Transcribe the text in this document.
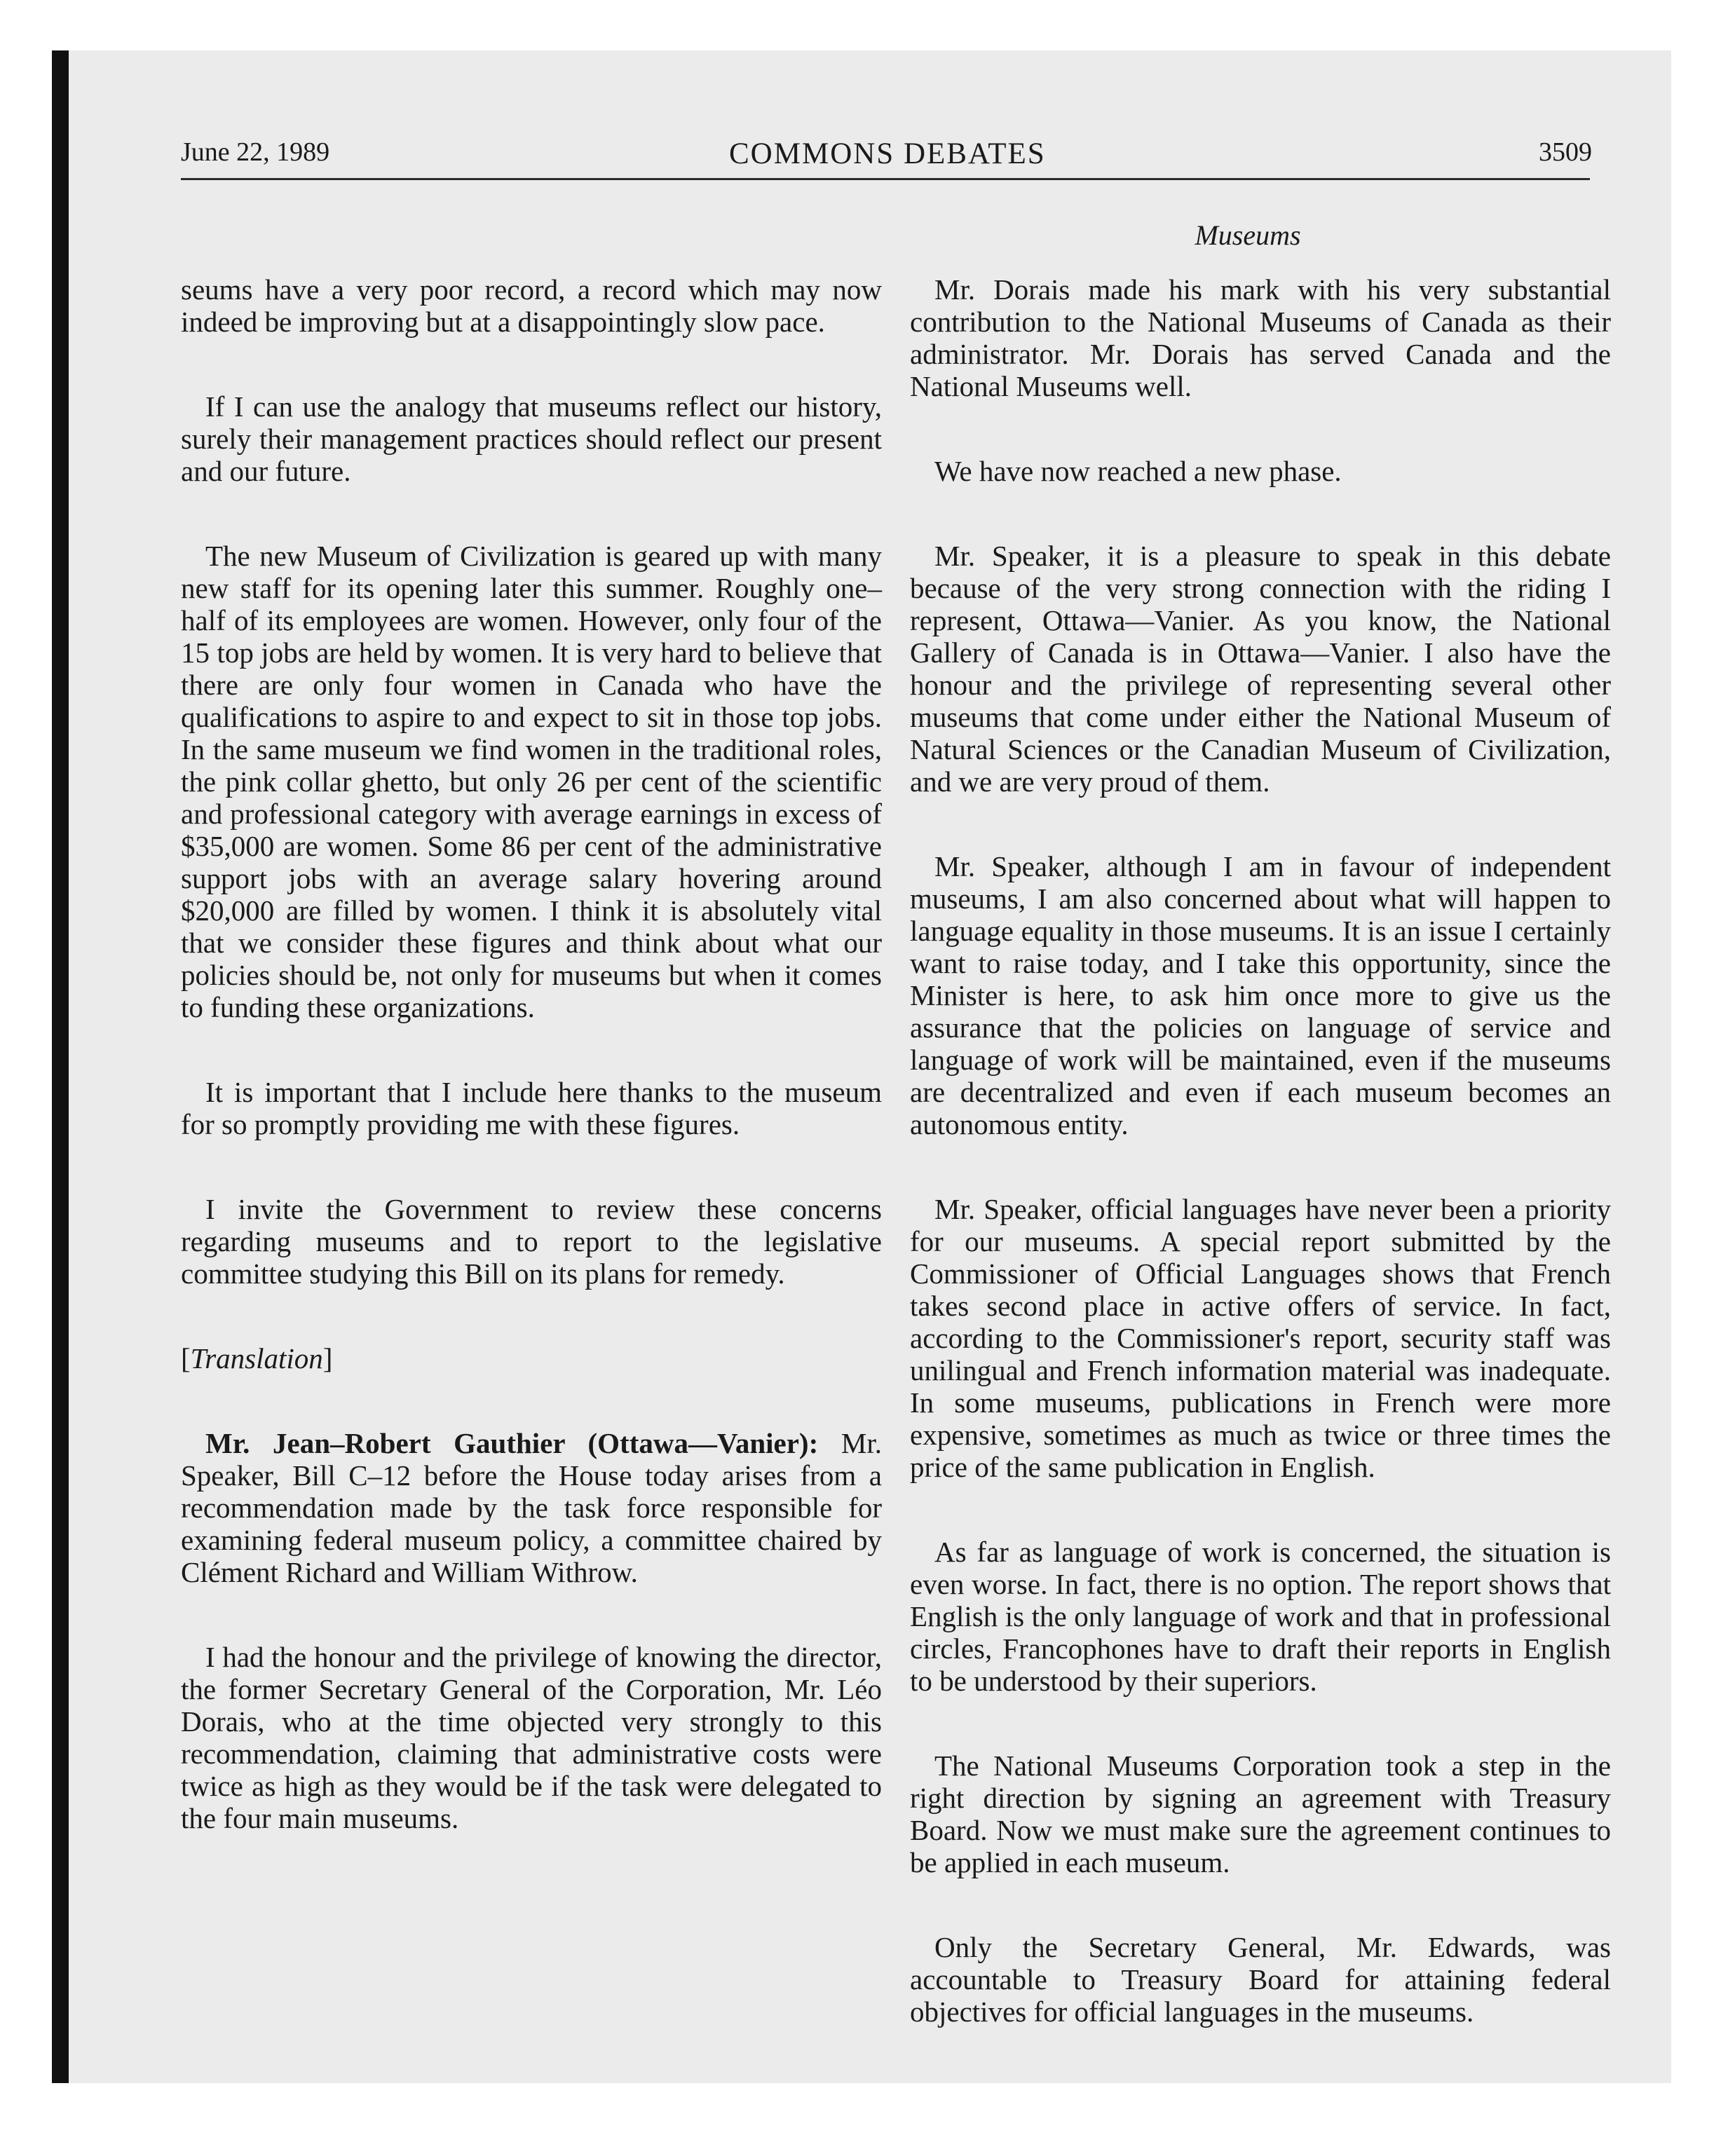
June 22, 1989	COMMONS DEBATES	3509
Museums

seums have a very poor record, a record which may now indeed be improving but at a disappointingly slow pace.

If I can use the analogy that museums reflect our history, surely their management practices should reflect our present and our future.

The new Museum of Civilization is geared up with many new staff for its opening later this summer. Roughly one–half of its employees are women. However, only four of the 15 top jobs are held by women. It is very hard to believe that there are only four women in Canada who have the qualifications to aspire to and expect to sit in those top jobs. In the same museum we find women in the traditional roles, the pink collar ghetto, but only 26 per cent of the scientific and professional category with average earnings in excess of $35,000 are women. Some 86 per cent of the administrative support jobs with an average salary hovering around $20,000 are filled by women. I think it is absolutely vital that we consider these figures and think about what our policies should be, not only for museums but when it comes to funding these organizations.

It is important that I include here thanks to the museum for so promptly providing me with these figures.

I invite the Government to review these concerns regarding museums and to report to the legislative committee studying this Bill on its plans for remedy.

[Translation]

Mr. Jean–Robert Gauthier (Ottawa—Vanier): Mr. Speaker, Bill C–12 before the House today arises from a recommendation made by the task force responsible for examining federal museum policy, a committee chaired by Clément Richard and William Withrow.

I had the honour and the privilege of knowing the director, the former Secretary General of the Corporation, Mr. Léo Dorais, who at the time objected very strongly to this recommendation, claiming that administrative costs were twice as high as they would be if the task were delegated to the four main museums.

Mr. Dorais made his mark with his very substantial contribution to the National Museums of Canada as their administrator. Mr. Dorais has served Canada and the National Museums well.

We have now reached a new phase.

Mr. Speaker, it is a pleasure to speak in this debate because of the very strong connection with the riding I represent, Ottawa—Vanier. As you know, the National Gallery of Canada is in Ottawa—Vanier. I also have the honour and the privilege of representing several other museums that come under either the National Museum of Natural Sciences or the Canadian Museum of Civilization, and we are very proud of them.

Mr. Speaker, although I am in favour of independent museums, I am also concerned about what will happen to language equality in those museums. It is an issue I certainly want to raise today, and I take this opportunity, since the Minister is here, to ask him once more to give us the assurance that the policies on language of service and language of work will be maintained, even if the museums are decentralized and even if each museum becomes an autonomous entity.

Mr. Speaker, official languages have never been a priority for our museums. A special report submitted by the Commissioner of Official Languages shows that French takes second place in active offers of service. In fact, according to the Commissioner's report, security staff was unilingual and French information material was inadequate. In some museums, publications in French were more expensive, sometimes as much as twice or three times the price of the same publication in English.

As far as language of work is concerned, the situation is even worse. In fact, there is no option. The report shows that English is the only language of work and that in professional circles, Francophones have to draft their reports in English to be understood by their superiors.

The National Museums Corporation took a step in the right direction by signing an agreement with Treasury Board. Now we must make sure the agreement continues to be applied in each museum.

Only the Secretary General, Mr. Edwards, was accountable to Treasury Board for attaining federal objectives for official languages in the museums.
